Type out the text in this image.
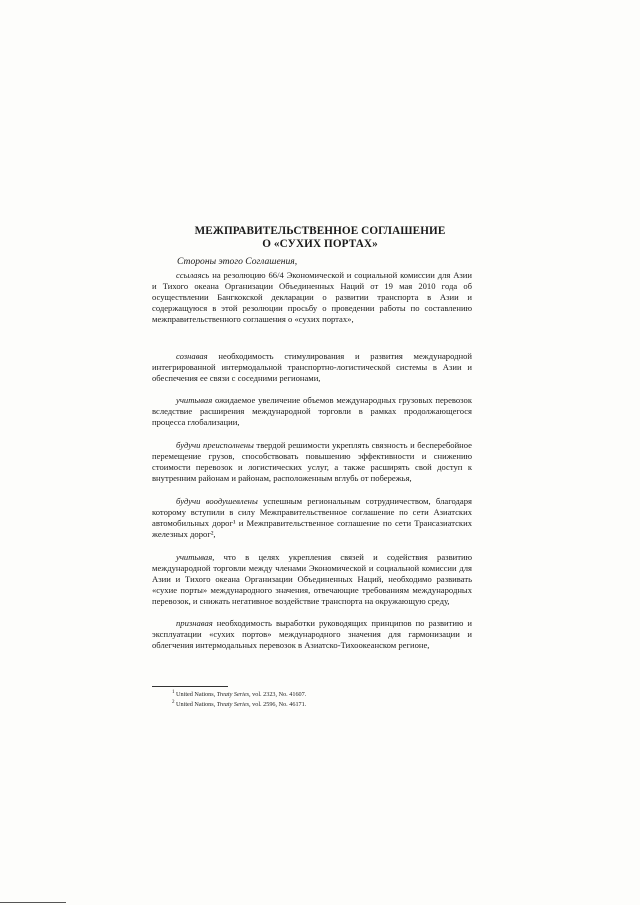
МЕЖПРАВИТЕЛЬСТВЕННОЕ СОГЛАШЕНИЕ
О «СУХИХ ПОРТАХ»
Стороны этого Соглашения,

ссылаясь на резолюцию 66/4 Экономической и социальной комиссии для Азии и Тихого океана Организации Объединенных Наций от 19 мая 2010 года об осуществлении Бангкокской декларации о развитии транспорта в Азии и содержащуюся в этой резолюции просьбу о проведении работы по составлению межправительственного соглашения о «сухих портах»,

сознавая необходимость стимулирования и развития международной интегрированной интермодальной транспортно-логистической системы в Азии и обеспечения ее связи с соседними регионами,

учитывая ожидаемое увеличение объемов международных грузовых перевозок вследствие расширения международной торговли в рамках продолжающегося процесса глобализации,

будучи преисполнены твердой решимости укреплять связность и бесперебойное перемещение грузов, способствовать повышению эффективности и снижению стоимости перевозок и логистических услуг, а также расширять свой доступ к внутренним районам и районам, расположенным вглубь от побережья,

будучи воодушевлены успешным региональным сотрудничеством, благодаря которому вступили в силу Межправительственное соглашение по сети Азиатских автомобильных дорог¹ и Межправительственное соглашение по сети Трансазиатских железных дорог²,

учитывая, что в целях укрепления связей и содействия развитию международной торговли между членами Экономической и социальной комиссии для Азии и Тихого океана Организации Объединенных Наций, необходимо развивать «сухие порты» международного значения, отвечающие требованиям международных перевозок, и снижать негативное воздействие транспорта на окружающую среду,

признавая необходимость выработки руководящих принципов по развитию и эксплуатации «сухих портов» международного значения для гармонизации и облегчения интермодальных перевозок в Азиатско-Тихоокеанском регионе,

$^1$ United Nations, Treaty Series, vol. 2323, No. 41607.

$^2$ United Nations, Treaty Series, vol. 2596, No. 46171.
